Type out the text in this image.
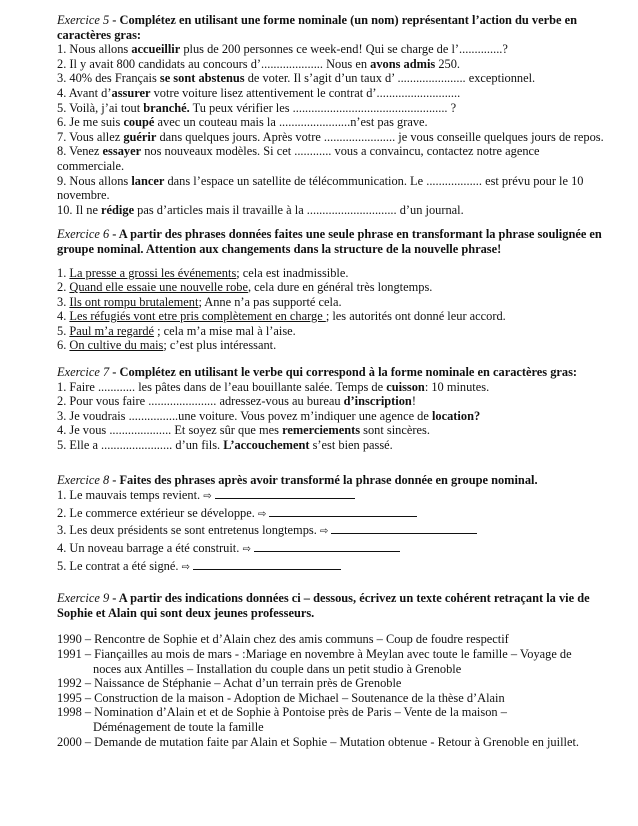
Exercice 5 - Complétez en utilisant une forme nominale (un nom) représentant l’action du verbe en caractères gras:

1. Nous allons accueillir plus de 200 personnes ce week-end! Qui se charge de l’..............?

2. Il y avait 800 candidats au concours d’.................... Nous en avons admis 250.

3. 40% des Français se sont abstenus de voter. Il s’agit d’un taux d’ ...................... exceptionnel.

4. Avant d’assurer votre voiture lisez attentivement le contrat d’...........................

5. Voilà, j’ai tout branché. Tu peux vérifier les .................................................. ?

6. Je me suis coupé avec un couteau mais la .......................n’est pas grave.

7. Vous allez guérir dans quelques jours. Après votre ....................... je vous conseille quelques jours de repos.

8. Venez essayer nos nouveaux modèles. Si cet ............ vous a convaincu, contactez notre agence commerciale.

9. Nous allons lancer dans l’espace un satellite de télécommunication. Le .................. est prévu pour le 10 novembre.

10. Il ne rédige pas d’articles mais il travaille à la ............................. d’un journal.

Exercice 6 - A partir des phrases données faites une seule phrase en transformant la phrase soulignée en groupe nominal. Attention aux changements dans la structure de la nouvelle phrase!

1. La presse a grossi les événements; cela est inadmissible.

2. Quand elle essaie une nouvelle robe, cela dure en général très longtemps.

3. Ils ont rompu brutalement; Anne n’a pas supporté cela.

4. Les réfugiés vont etre pris complètement en charge ; les autorités ont donné leur accord.

5. Paul m’a regardé ; cela m’a mise mal à l’aise.

6. On cultive du mais; c’est plus intéressant.

Exercice 7 - Complétez en utilisant le verbe qui correspond à la forme nominale en caractères gras:

1. Faire ............ les pâtes dans de l’eau bouillante salée. Temps de cuisson: 10 minutes.

2. Pour vous faire ...................... adressez-vous au bureau d’inscription!

3. Je voudrais ................une voiture. Vous povez m’indiquer une agence de location?

4. Je vous .................... Et soyez sûr que mes remerciements sont sincères.

5. Elle a ....................... d’un fils. L’accouchement s’est bien passé.

Exercice 8 - Faites des phrases après avoir transformé la phrase donnée en groupe nominal.

1. Le mauvais temps revient. ⇨

2. Le commerce extérieur se développe. ⇨

3. Les deux présidents se sont entretenus longtemps. ⇨

4. Un noveau barrage a été construit. ⇨

5. Le contrat a été signé. ⇨

Exercice 9 - A partir des indications données ci – dessous, écrivez un texte cohérent retraçant la vie de Sophie et Alain qui sont deux jeunes professeurs.

1990 – Rencontre de Sophie et d’Alain chez des amis communs – Coup de foudre respectif

1991 – Fiançailles au mois de mars - :Mariage en novembre à Meylan avec toute le famille – Voyage de

noces aux Antilles – Installation du couple dans un petit studio à Grenoble

1992 – Naissance de Stéphanie – Achat d’un terrain près de Grenoble

1995 – Construction de la maison - Adoption de Michael – Soutenance de la thèse d’Alain

1998 – Nomination d’Alain et et de Sophie à Pontoise près de Paris – Vente de la maison –

Déménagement de toute la famille

2000 – Demande de mutation faite par Alain et Sophie – Mutation obtenue - Retour à Grenoble en juillet.
